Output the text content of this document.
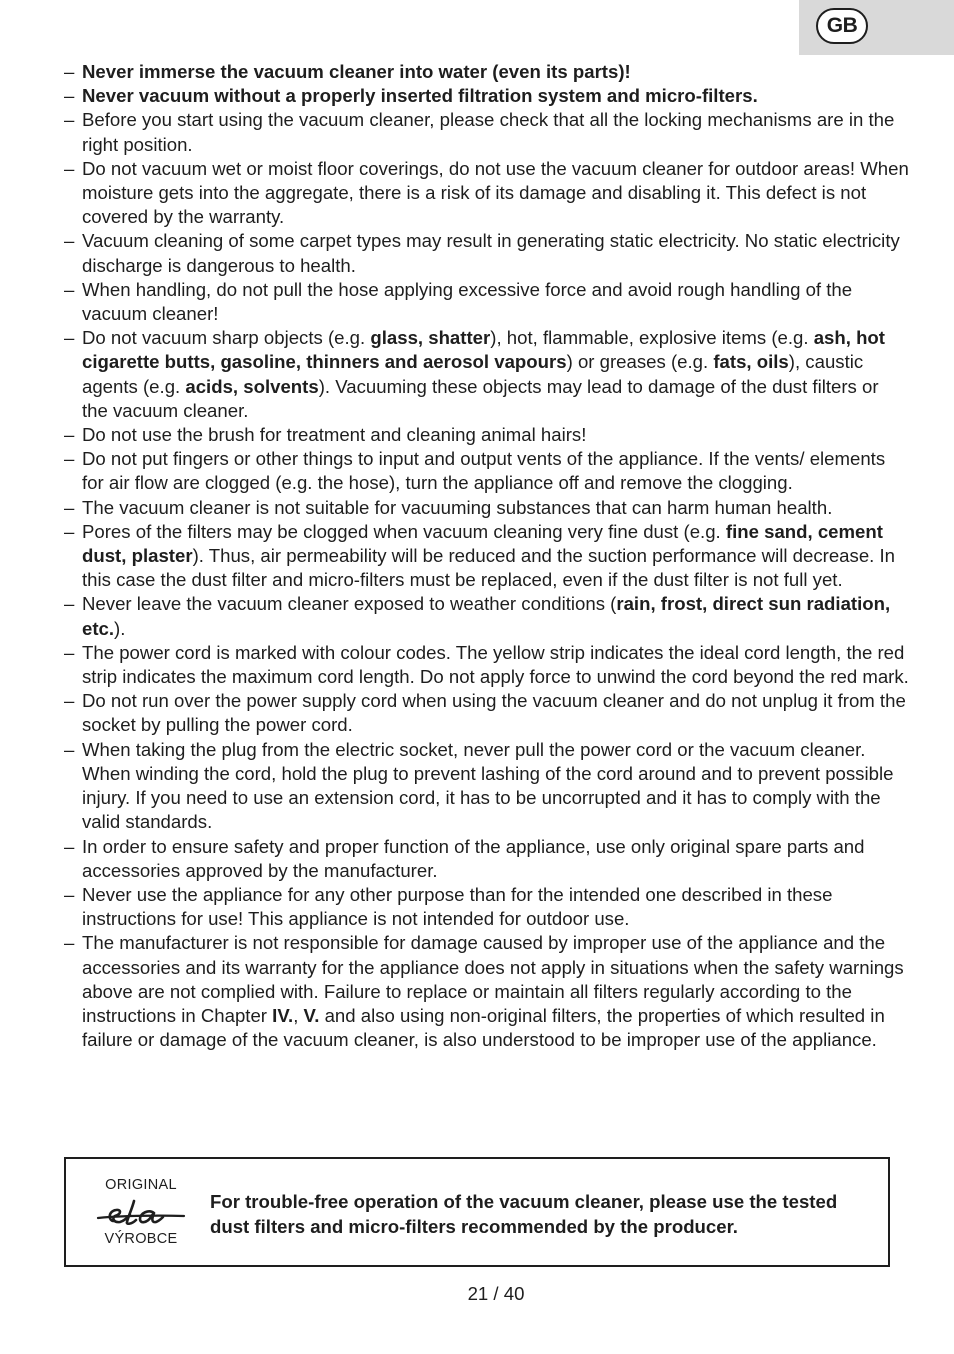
GB
– Never immerse the vacuum cleaner into water (even its parts)!
– Never vacuum without a properly inserted filtration system and micro-filters.
– Before you start using the vacuum cleaner, please check that all the locking mechanisms are in the right position.
– Do not vacuum wet or moist floor coverings, do not use the vacuum cleaner for outdoor areas! When moisture gets into the aggregate, there is a risk of its damage and disabling it. This defect is not covered by the warranty.
– Vacuum cleaning of some carpet types may result in generating static electricity. No static electricity discharge is dangerous to health.
– When handling, do not pull the hose applying excessive force and avoid rough handling of the vacuum cleaner!
– Do not vacuum sharp objects (e.g. glass, shatter), hot, flammable, explosive items (e.g. ash, hot cigarette butts, gasoline, thinners and aerosol vapours) or greases (e.g. fats, oils), caustic agents (e.g. acids, solvents). Vacuuming these objects may lead to damage of the dust filters or the vacuum cleaner.
– Do not use the brush for treatment and cleaning animal hairs!
– Do not put fingers or other things to input and output vents of the appliance. If the vents/ elements for air flow are clogged (e.g. the hose), turn the appliance off and remove the clogging.
– The vacuum cleaner is not suitable for vacuuming substances that can harm human health.
– Pores of the filters may be clogged when vacuum cleaning very fine dust (e.g. fine sand, cement dust, plaster). Thus, air permeability will be reduced and the suction performance will decrease. In this case the dust filter and micro-filters must be replaced, even if the dust filter is not full yet.
– Never leave the vacuum cleaner exposed to weather conditions (rain, frost, direct sun radiation, etc.).
– The power cord is marked with colour codes. The yellow strip indicates the ideal cord length, the red strip indicates the maximum cord length. Do not apply force to unwind the cord beyond the red mark.
– Do not run over the power supply cord when using the vacuum cleaner and do not unplug it from the socket by pulling the power cord.
– When taking the plug from the electric socket, never pull the power cord or the vacuum cleaner. When winding the cord, hold the plug to prevent lashing of the cord around and to prevent possible injury. If you need to use an extension cord, it has to be uncorrupted and it has to comply with the valid standards.
– In order to ensure safety and proper function of the appliance, use only original spare parts and accessories approved by the manufacturer.
– Never use the appliance for any other purpose than for the intended one described in these instructions for use! This appliance is not intended for outdoor use.
– The manufacturer is not responsible for damage caused by improper use of the appliance and the accessories and its warranty for the appliance does not apply in situations when the safety warnings above are not complied with. Failure to replace or maintain all filters regularly according to the instructions in Chapter IV., V. and also using non-original filters, the properties of which resulted in failure or damage of the vacuum cleaner, is also understood to be improper use of the appliance.
ORIGINAL
VÝROBCE
For trouble-free operation of the vacuum cleaner, please use the tested dust filters and micro-filters recommended by the producer.
21 / 40
